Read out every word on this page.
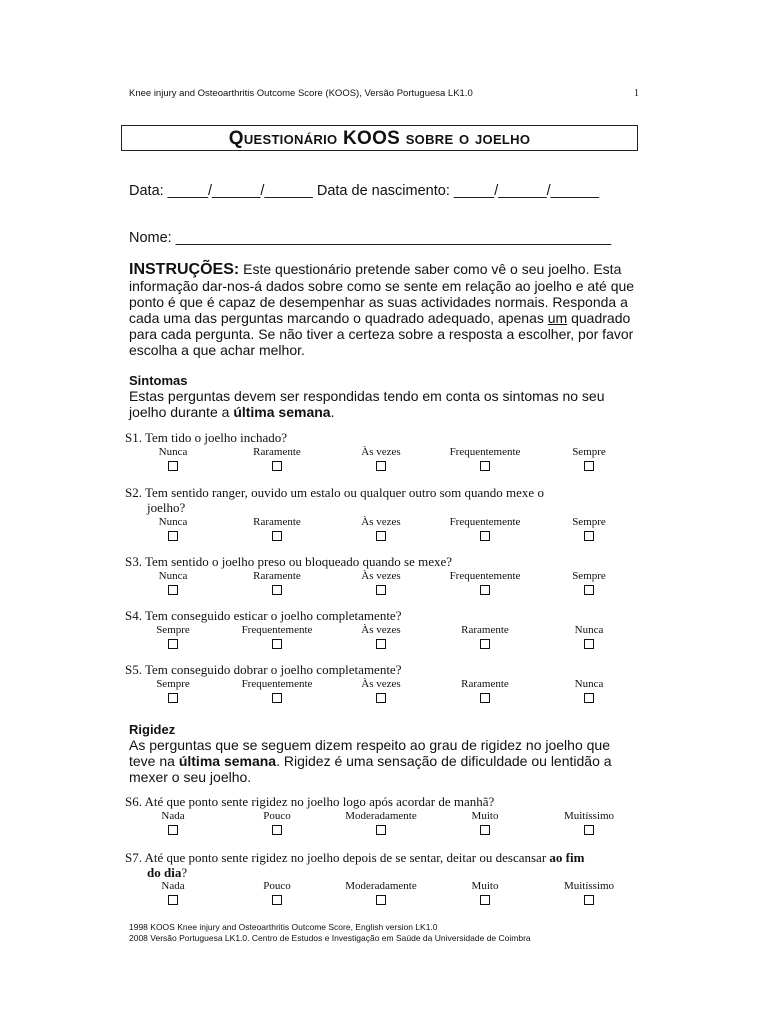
Knee injury and Osteoarthritis Outcome Score (KOOS), Versão Portuguesa LK1.0	1
Questionário KOOS sobre o joelho
Data: _____/______/______ Data de nascimento: _____/______/______
Nome: ______________________________________________________
INSTRUÇÕES: Este questionário pretende saber como vê o seu joelho. Esta informação dar-nos-á dados sobre como se sente em relação ao joelho e até que ponto é que é capaz de desempenhar as suas actividades normais. Responda a cada uma das perguntas marcando o quadrado adequado, apenas um quadrado para cada pergunta. Se não tiver a certeza sobre a resposta a escolher, por favor escolha a que achar melhor.
Sintomas
Estas perguntas devem ser respondidas tendo em conta os sintomas no seu joelho durante a última semana.
S1. Tem tido o joelho inchado?
Nunca	Raramente	Às vezes	Frequentemente	Sempre
S2. Tem sentido ranger, ouvido um estalo ou qualquer outro som quando mexe o
joelho?
Nunca	Raramente	Às vezes	Frequentemente	Sempre
S3. Tem sentido o joelho preso ou bloqueado quando se mexe?
Nunca	Raramente	Às vezes	Frequentemente	Sempre
S4. Tem conseguido esticar o joelho completamente?
Sempre	Frequentemente	Às vezes	Raramente	Nunca
S5. Tem conseguido dobrar o joelho completamente?
Sempre	Frequentemente	Às vezes	Raramente	Nunca
Rigidez
As perguntas que se seguem dizem respeito ao grau de rigidez no joelho que teve na última semana. Rigidez é uma sensação de dificuldade ou lentidão a mexer o seu joelho.
S6. Até que ponto sente rigidez no joelho logo após acordar de manhã?
Nada	Pouco	Moderadamente	Muito	Muitíssimo
S7. Até que ponto sente rigidez no joelho depois de se sentar, deitar ou descansar ao fim
do dia?
Nada	Pouco	Moderadamente	Muito	Muitíssimo
1998 KOOS Knee injury and Osteoarthritis Outcome Score, English version LK1.0
2008 Versão Portuguesa LK1.0. Centro de Estudos e Investigação em Saúde da Universidade de Coimbra
